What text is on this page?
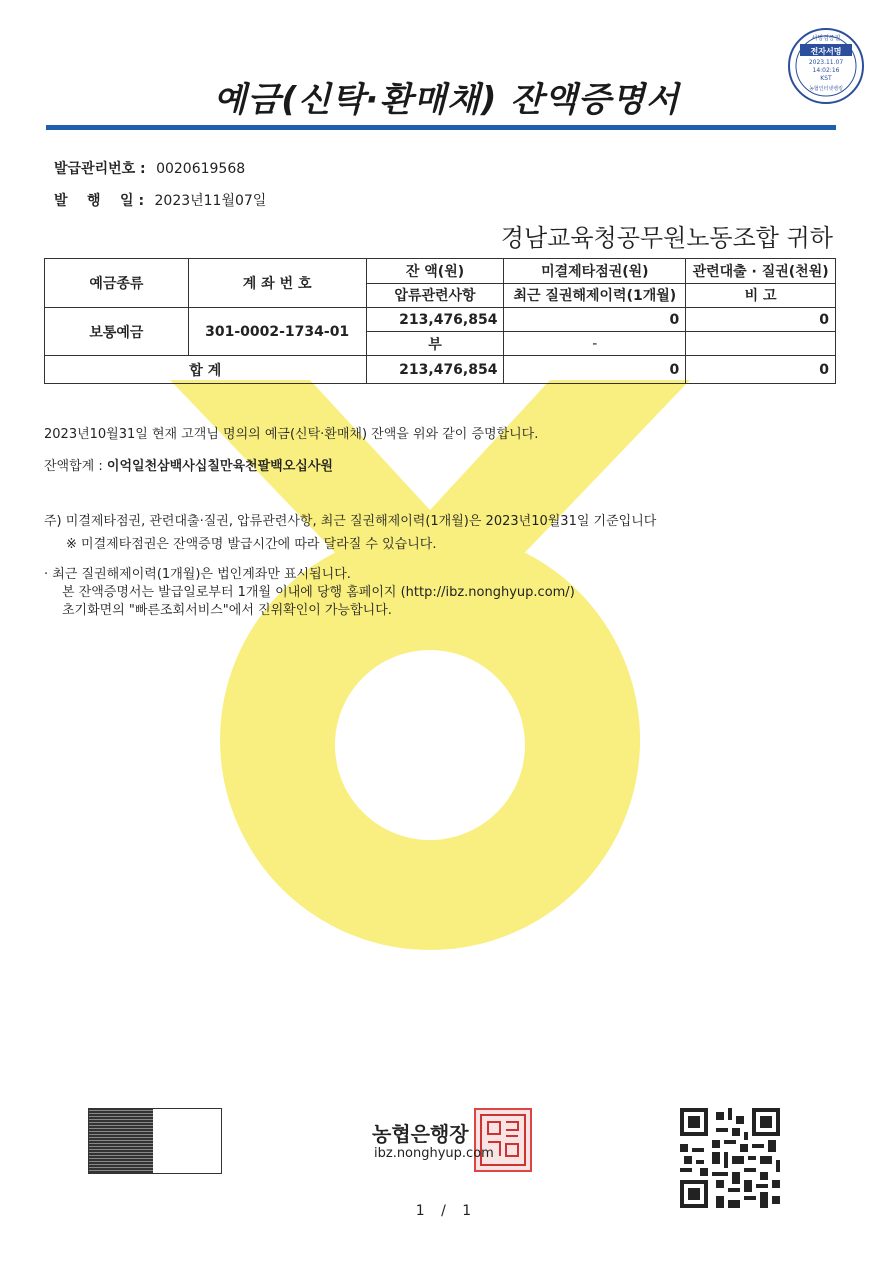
서명검증필
전자서명
2023.11.07
14:02:16
KST
농협인터넷뱅킹
예금(신탁·환매채) 잔액증명서
발급관리번호 : 0020619568
발    행    일 : 2023년11월07일
경남교육청공무원노동조합 귀하
예금종류	계 좌 번 호	잔 액(원)	미결제타점권(원)	관련대출 · 질권(천원)
		압류관련사항	최근 질권해제이력(1개월)	비 고
보통예금	301-0002-1734-01	213,476,854	0	0
		부	-	
합 계		213,476,854	0	0
2023년10월31일 현재 고객님 명의의 예금(신탁·환매채) 잔액을 위와 같이 증명합니다.
잔액합계 : 이억일천삼백사십칠만육천팔백오십사원
주) 미결제타점권, 관련대출·질권, 압류관련사항, 최근 질권해제이력(1개월)은 2023년10월31일 기준입니다
※ 미결제타점권은 잔액증명 발급시간에 따라 달라질 수 있습니다.
· 최근 질권해제이력(1개월)은 법인계좌만 표시됩니다.
본 잔액증명서는 발급일로부터 1개월 이내에 당행 홈페이지 (http://ibz.nonghyup.com/)
초기화면의 "빠른조회서비스"에서 진위확인이 가능합니다.
농협은행장
ibz.nonghyup.com
1 / 1
